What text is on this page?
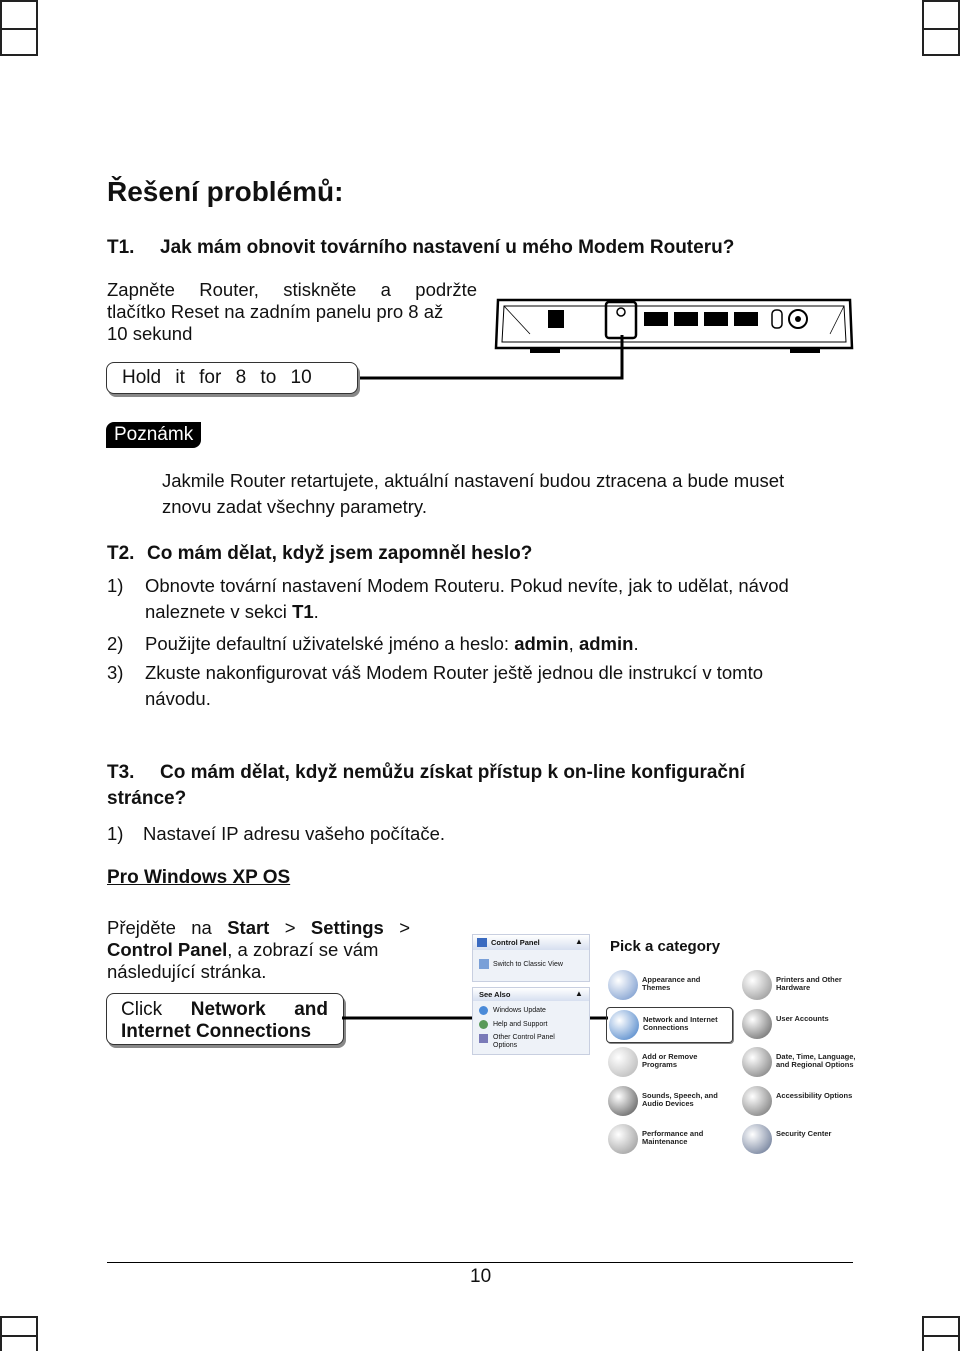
Řešení problémů:
T1. Jak mám obnovit továrního nastavení u mého Modem Routeru?
Zapněte Router, stiskněte a podržte
tlačítko Reset na zadním panelu pro 8 až
10 sekund
Hold it for 8 to 10
Poznámk
Jakmile Router retartujete, aktuální nastavení budou ztracena a bude muset
znovu zadat všechny parametry.
T2. Co mám dělat, když jsem zapomněl heslo?
1) Obnovte tovární nastavení Modem Routeru. Pokud nevíte, jak to udělat, návod
naleznete v sekci T1.
2) Použijte defaultní uživatelské jméno a heslo: admin, admin.
3) Zkuste nakonfigurovat váš Modem Router ještě jednou dle instrukcí v tomto
návodu.
T3. Co mám dělat, když nemůžu získat přístup k on-line konfigurační
stránce?
1) Nastaveí IP adresu vašeho počítače.
Pro Windows XP OS
Přejděte na Start > Settings >
Control Panel, a zobrazí se vám
následující stránka.
Click Network and
Internet Connections
Control Panel	▲
Switch to Classic View
See Also	▲
Windows Update
Help and Support
Other Control Panel Options
Pick a category
Appearance and Themes
Printers and Other Hardware
Network and Internet Connections
User Accounts
Add or Remove Programs
Date, Time, Language, and Regional Options
Sounds, Speech, and Audio Devices
Accessibility Options
Performance and Maintenance
Security Center
10
